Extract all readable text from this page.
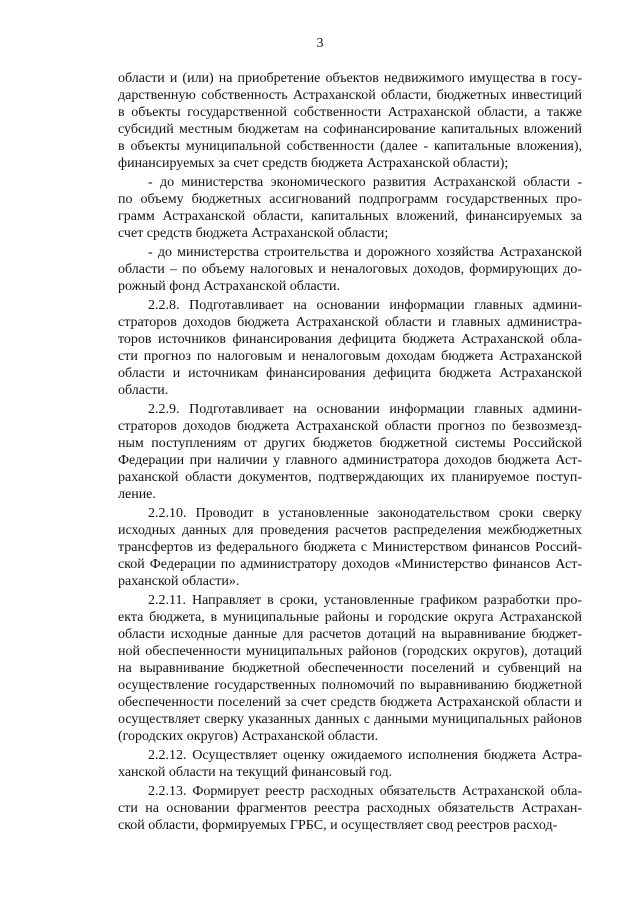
3
области и (или) на приобретение объектов недвижимого имущества в госу-
дарственную собственность Астраханской области, бюджетных инвестиций
в объекты государственной собственности Астраханской области, а также
субсидий местным бюджетам на софинансирование капитальных вложений
в объекты муниципальной собственности (далее - капитальные вложения),
финансируемых за счет средств бюджета Астраханской области);
- до министерства экономического развития Астраханской области -
по объему бюджетных ассигнований подпрограмм государственных про-
грамм Астраханской области, капитальных вложений, финансируемых за
счет средств бюджета Астраханской области;
- до министерства строительства и дорожного хозяйства Астраханской
области – по объему налоговых и неналоговых доходов, формирующих до-
рожный фонд Астраханской области.
2.2.8. Подготавливает на основании информации главных админи-
страторов доходов бюджета Астраханской области и главных администра-
торов источников финансирования дефицита бюджета Астраханской обла-
сти прогноз по налоговым и неналоговым доходам бюджета Астраханской
области и источникам финансирования дефицита бюджета Астраханской
области.
2.2.9. Подготавливает на основании информации главных админи-
страторов доходов бюджета Астраханской области прогноз по безвозмезд-
ным поступлениям от других бюджетов бюджетной системы Российской
Федерации при наличии у главного администратора доходов бюджета Аст-
раханской области документов, подтверждающих их планируемое поступ-
ление.
2.2.10. Проводит в установленные законодательством сроки сверку
исходных данных для проведения расчетов распределения межбюджетных
трансфертов из федерального бюджета с Министерством финансов Россий-
ской Федерации по администратору доходов «Министерство финансов Аст-
раханской области».
2.2.11. Направляет в сроки, установленные графиком разработки про-
екта бюджета, в муниципальные районы и городские округа Астраханской
области исходные данные для расчетов дотаций на выравнивание бюджет-
ной обеспеченности муниципальных районов (городских округов), дотаций
на выравнивание бюджетной обеспеченности поселений и субвенций на
осуществление государственных полномочий по выравниванию бюджетной
обеспеченности поселений за счет средств бюджета Астраханской области и
осуществляет сверку указанных данных с данными муниципальных районов
(городских округов) Астраханской области.
2.2.12. Осуществляет оценку ожидаемого исполнения бюджета Астра-
ханской области на текущий финансовый год.
2.2.13. Формирует реестр расходных обязательств Астраханской обла-
сти на основании фрагментов реестра расходных обязательств Астрахан-
ской области, формируемых ГРБС, и осуществляет свод реестров расход-
